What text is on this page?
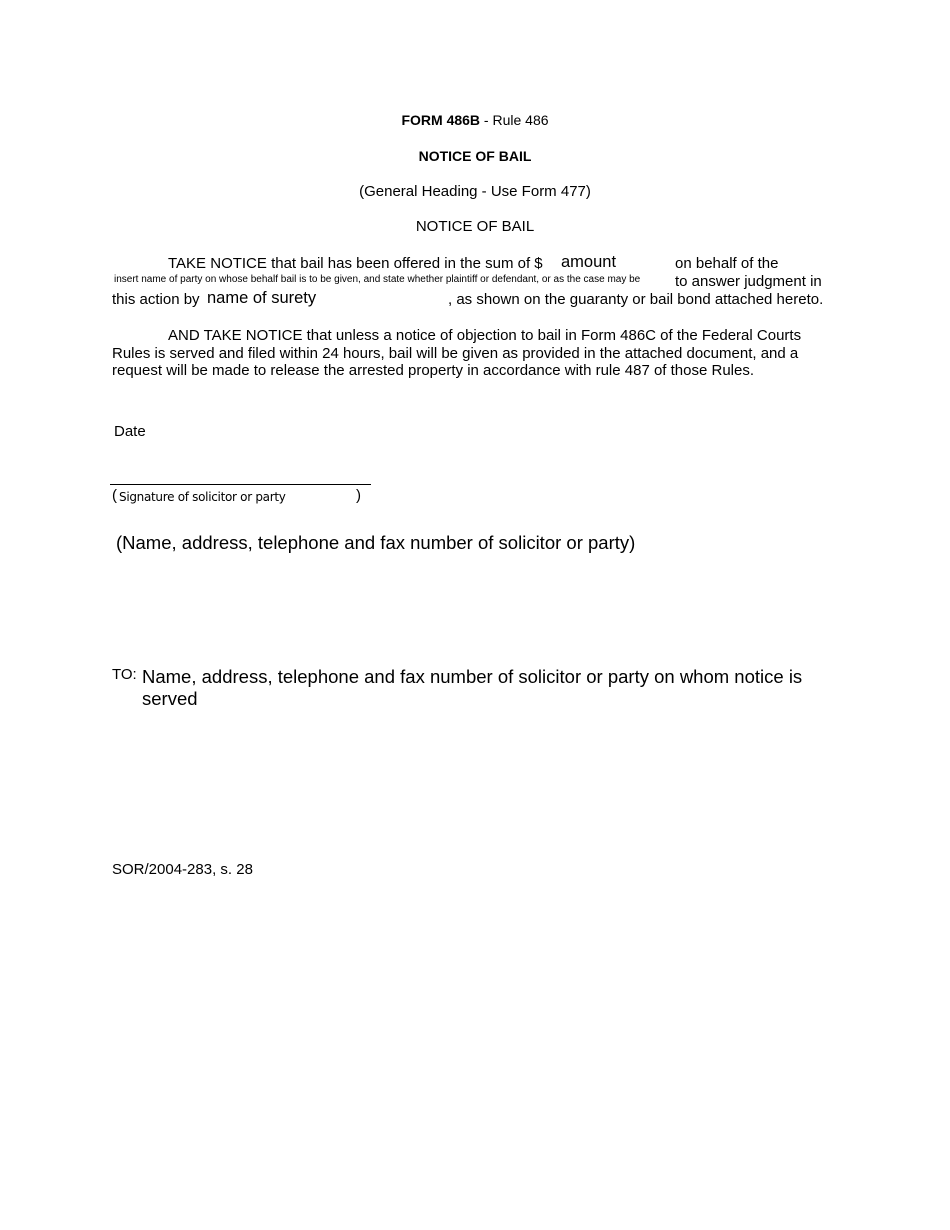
FORM 486B - Rule 486
NOTICE OF BAIL
(General Heading - Use Form 477)
NOTICE OF BAIL
TAKE NOTICE that bail has been offered in the sum of $ amount	on behalf of the
insert name of party on whose behalf bail is to be given, and state whether plaintiff or defendant, or as the case may be to answer judgment in
this action by name of surety	, as shown on the guaranty or bail bond attached hereto.
AND TAKE NOTICE that unless a notice of objection to bail in Form 486C of the Federal Courts
Rules is served and filed within 24 hours, bail will be given as provided in the attached document, and a
request will be made to release the arrested property in accordance with rule 487 of those Rules.
Date
( Signature of solicitor or party	)
(Name, address, telephone and fax number of solicitor or party)
TO: Name, address, telephone and fax number of solicitor or party on whom notice is
served
SOR/2004-283, s. 28
